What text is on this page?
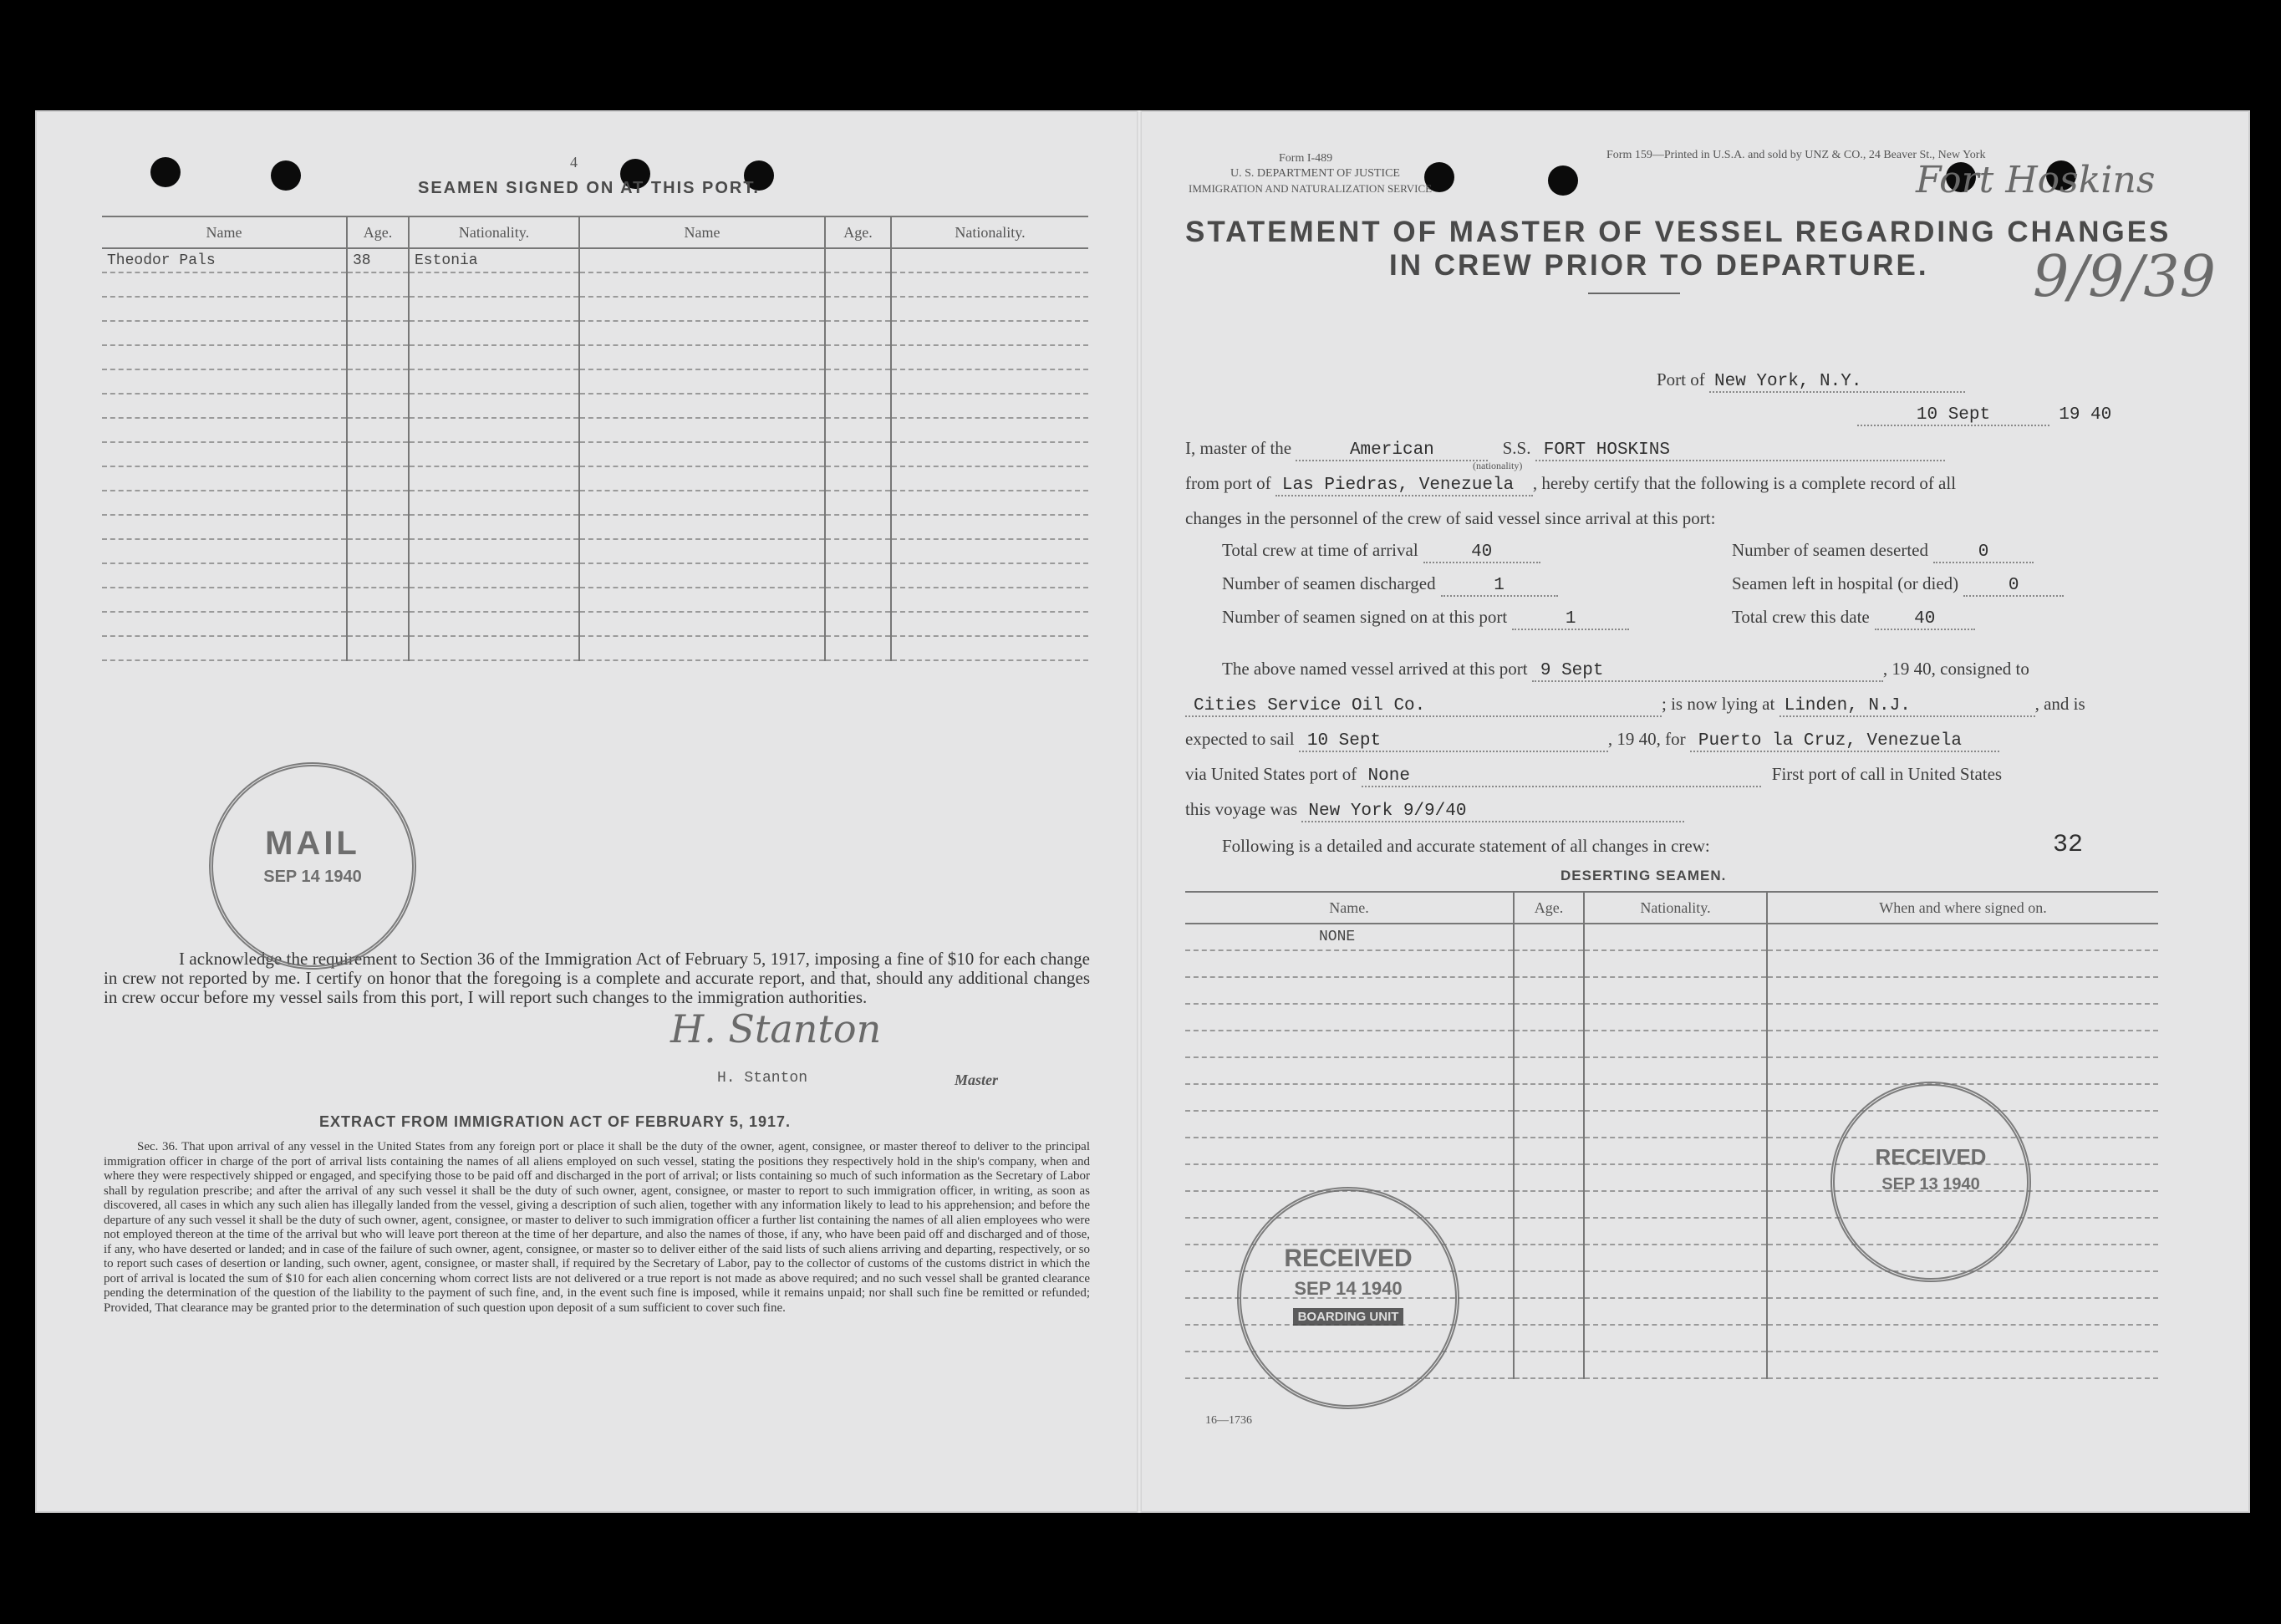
4
SEAMEN SIGNED ON AT THIS PORT.
Name	Age.	Nationality.	Name	Age.	Nationality.
Theodor Pals	38	Estonia			

I acknowledge the requirement to Section 36 of the Immigration Act of February 5, 1917, imposing a fine of $10 for each change in crew not reported by me. I certify on honor that the foregoing is a complete and accurate report, and that, should any additional changes in crew occur before my vessel sails from this port, I will report such changes to the immigration authorities.
H. Stanton
H. Stanton	Master
EXTRACT FROM IMMIGRATION ACT OF FEBRUARY 5, 1917.
Sec. 36. That upon arrival of any vessel in the United States from any foreign port or place it shall be the duty of the owner, agent, consignee, or master thereof to deliver to the principal immigration officer in charge of the port of arrival lists containing the names of all aliens employed on such vessel, stating the positions they respectively hold in the ship's company, when and where they were respectively shipped or engaged, and specifying those to be paid off and discharged in the port of arrival; or lists containing so much of such information as the Secretary of Labor shall by regulation prescribe; and after the arrival of any such vessel it shall be the duty of such owner, agent, consignee, or master to report to such immigration officer, in writing, as soon as discovered, all cases in which any such alien has illegally landed from the vessel, giving a description of such alien, together with any information likely to lead to his apprehension; and before the departure of any such vessel it shall be the duty of such owner, agent, consignee, or master to deliver to such immigration officer a further list containing the names of all alien employees who were not employed thereon at the time of the arrival but who will leave port thereon at the time of her departure, and also the names of those, if any, who have been paid off and discharged and of those, if any, who have deserted or landed; and in case of the failure of such owner, agent, consignee, or master so to deliver either of the said lists of such aliens arriving and departing, respectively, or so to report such cases of desertion or landing, such owner, agent, consignee, or master shall, if required by the Secretary of Labor, pay to the collector of customs of the customs district in which the port of arrival is located the sum of $10 for each alien concerning whom correct lists are not delivered or a true report is not made as above required; and no such vessel shall be granted clearance pending the determination of the question of the liability to the payment of such fine, and, in the event such fine is imposed, while it remains unpaid; nor shall such fine be remitted or refunded; Provided, That clearance may be granted prior to the determination of such question upon deposit of a sum sufficient to cover such fine.
MAIL
SEP 14 1940
Form I-489
U. S. DEPARTMENT OF JUSTICE
IMMIGRATION AND NATURALIZATION SERVICE
Form 159—Printed in U.S.A. and sold by UNZ & CO., 24 Beaver St., New York
Fort Hoskins
9/9/39
STATEMENT OF MASTER OF VESSEL REGARDING CHANGES
IN CREW PRIOR TO DEPARTURE.
Port of New York, N.Y.
10 Sept	19 40
I, master of the	American	S.S. FORT HOSKINS
(nationality)
from port of Las Piedras, Venezuela , hereby certify that the following is a complete record of all
changes in the personnel of the crew of said vessel since arrival at this port:
Total crew at time of arrival	40	Number of seamen deserted	0
Number of seamen discharged	1	Seamen left in hospital (or died)	0
Number of seamen signed on at this port	1	Total crew this date	40
The above named vessel arrived at this port 9 Sept	, 19 40, consigned to
Cities Service Oil Co.	; is now lying at Linden, N.J.	, and is
expected to sail 10 Sept	, 19 40, for Puerto la Cruz, Venezuela
via United States port of None	First port of call in United States
this voyage was New York 9/9/40
Following is a detailed and accurate statement of all changes in crew:	32
DESERTING SEAMEN.
Name.	Age.	Nationality.	When and where signed on.
NONE			

16—1736
RECEIVED
SEP 14 1940
BOARDING UNIT
RECEIVED
SEP 13 1940
